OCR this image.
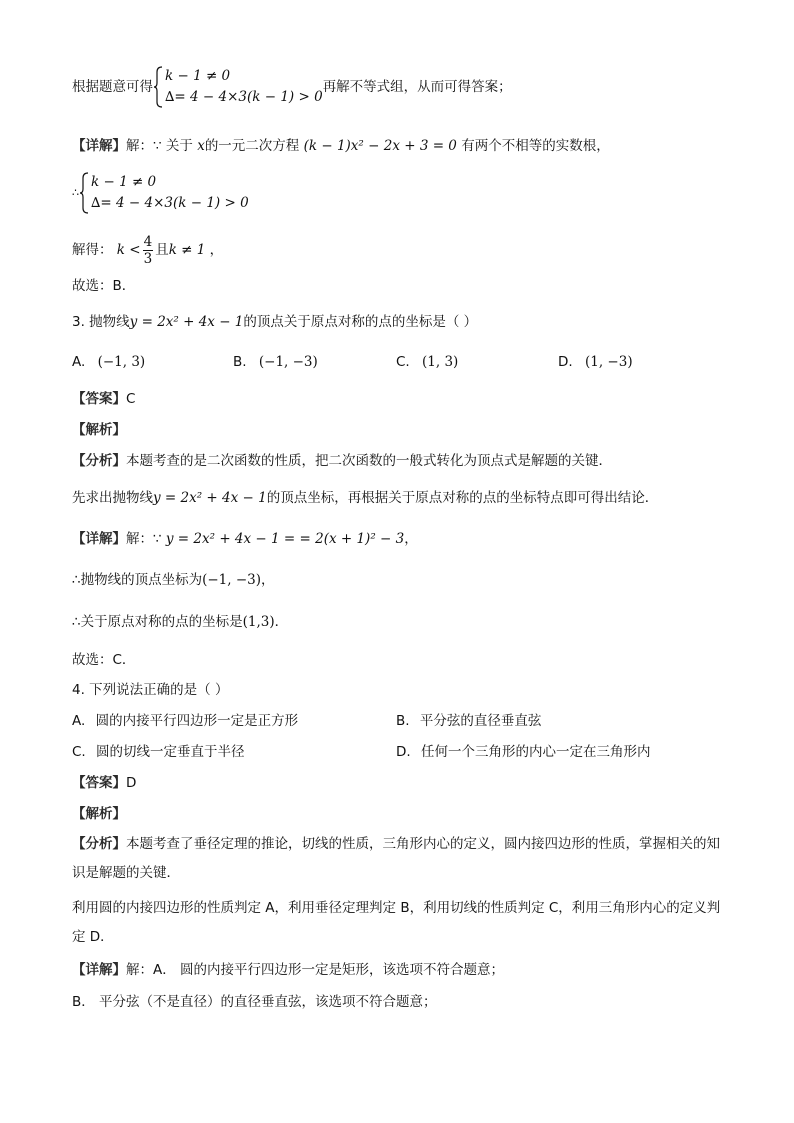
根据题意可得
k − 1 ≠ 0
∆= 4 − 4×3(k − 1) > 0
再解不等式组，从而可得答案；
【详解】解：∵ 关于 x的一元二次方程 (k − 1)x² − 2x + 3 = 0 有两个不相等的实数根，
∴
k − 1 ≠ 0
∆= 4 − 4×3(k − 1) > 0
解得： $k < \frac{4}{3}$ 且k ≠ 1 ，
故选：B．
3. 抛物线y = 2x² + 4x − 1的顶点关于原点对称的点的坐标是（ ）
A. (−1, 3)	B. (−1, −3)	C. (1, 3)	D. (1, −3)
【答案】C
【解析】
【分析】本题考查的是二次函数的性质，把二次函数的一般式转化为顶点式是解题的关键．
先求出抛物线y = 2x² + 4x − 1的顶点坐标，再根据关于原点对称的点的坐标特点即可得出结论．
【详解】解：∵ y = 2x² + 4x − 1 = = 2(x + 1)² − 3，
∴抛物线的顶点坐标为(−1, −3)，
∴关于原点对称的点的坐标是(1,3)．
故选：C．
4. 下列说法正确的是（ ）
A. 圆的内接平行四边形一定是正方形	B. 平分弦的直径垂直弦
C. 圆的切线一定垂直于半径	D. 任何一个三角形的内心一定在三角形内
【答案】D
【解析】
【分析】本题考查了垂径定理的推论，切线的性质，三角形内心的定义，圆内接四边形的性质，掌握相关的知识是解题的关键．
利用圆的内接四边形的性质判定 A，利用垂径定理判定 B，利用切线的性质判定 C，利用三角形内心的定义判定 D．
【详解】解：A． 圆的内接平行四边形一定是矩形，该选项不符合题意；
B． 平分弦（不是直径）的直径垂直弦，该选项不符合题意；
